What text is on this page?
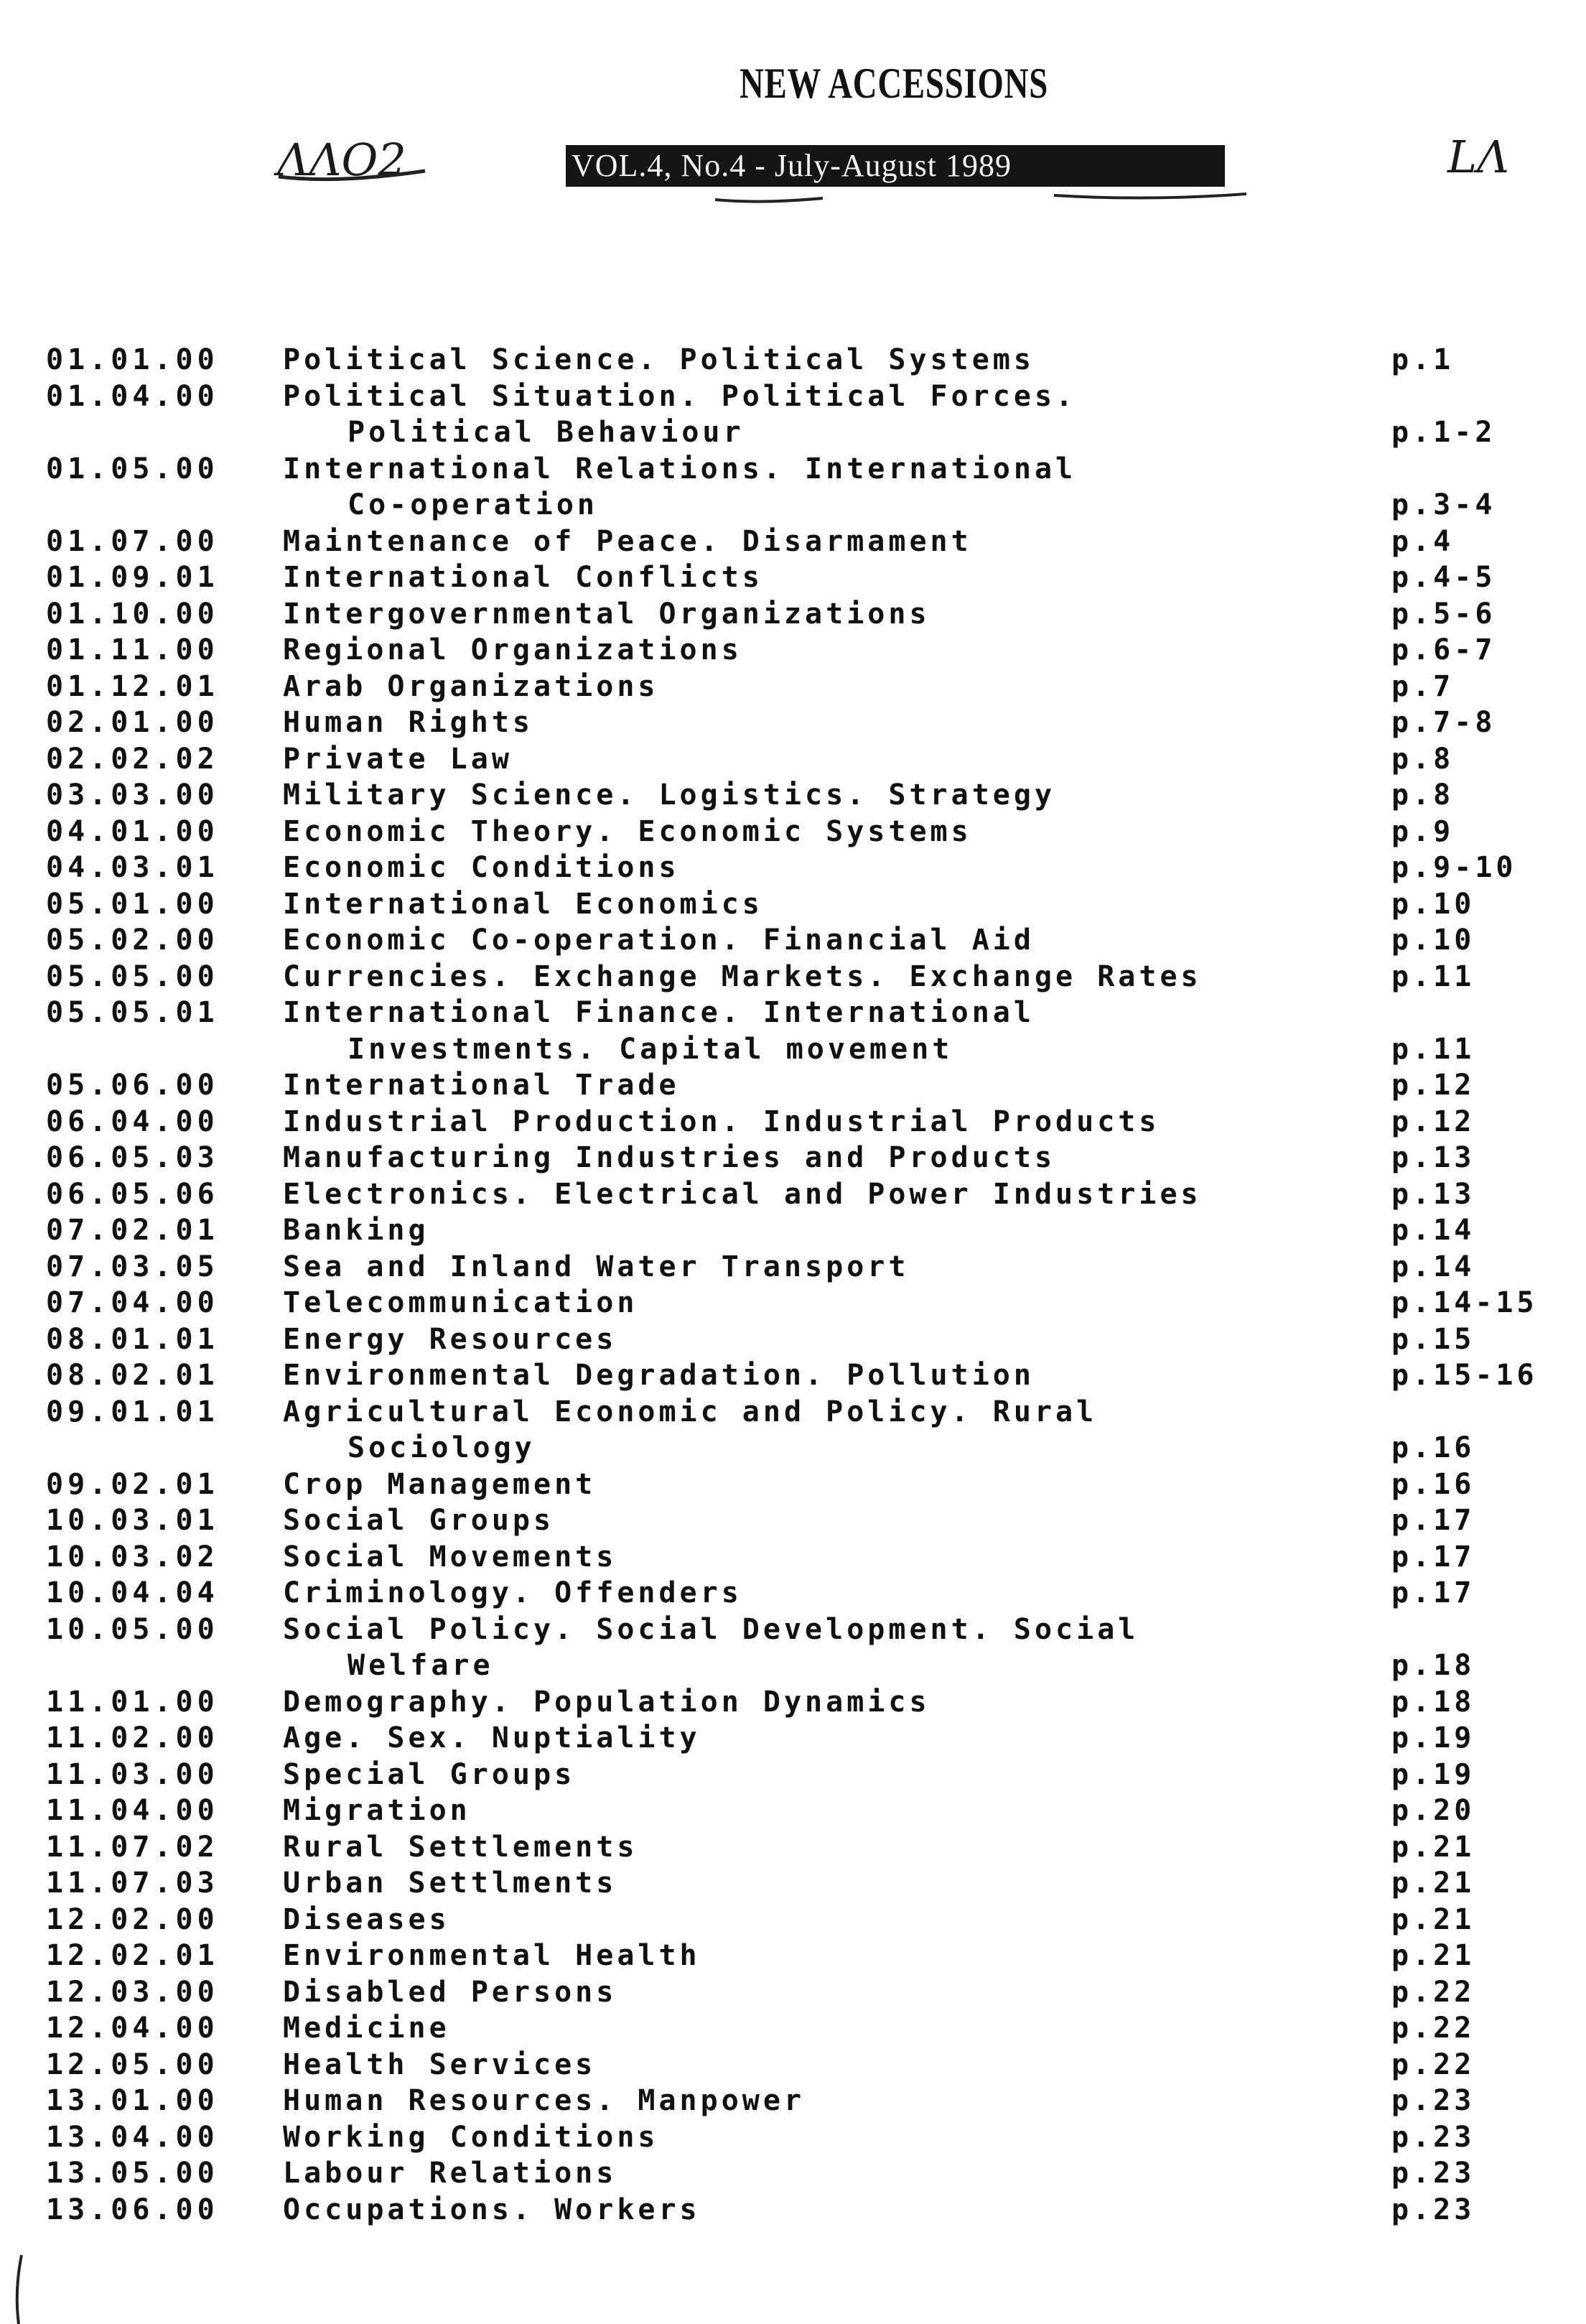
NEW ACCESSIONS
ΛΛΟ2	VOL.4, No.4 - July-August 1989	LΛ
01.01.00 Political Science. Political Systems	p.1
01.04.00 Political Situation. Political Forces.
Political Behaviour	p.1-2
01.05.00 International Relations. International
Co-operation	p.3-4
01.07.00 Maintenance of Peace. Disarmament	p.4
01.09.01 International Conflicts	p.4-5
01.10.00 Intergovernmental Organizations	p.5-6
01.11.00 Regional Organizations	p.6-7
01.12.01 Arab Organizations	p.7
02.01.00 Human Rights	p.7-8
02.02.02 Private Law	p.8
03.03.00 Military Science. Logistics. Strategy	p.8
04.01.00 Economic Theory. Economic Systems	p.9
04.03.01 Economic Conditions	p.9-10
05.01.00 International Economics	p.10
05.02.00 Economic Co-operation. Financial Aid	p.10
05.05.00 Currencies. Exchange Markets. Exchange Rates	p.11
05.05.01 International Finance. International
Investments. Capital movement	p.11
05.06.00 International Trade	p.12
06.04.00 Industrial Production. Industrial Products	p.12
06.05.03 Manufacturing Industries and Products	p.13
06.05.06 Electronics. Electrical and Power Industries	p.13
07.02.01 Banking	p.14
07.03.05 Sea and Inland Water Transport	p.14
07.04.00 Telecommunication	p.14-15
08.01.01 Energy Resources	p.15
08.02.01 Environmental Degradation. Pollution	p.15-16
09.01.01 Agricultural Economic and Policy. Rural
Sociology	p.16
09.02.01 Crop Management	p.16
10.03.01 Social Groups	p.17
10.03.02 Social Movements	p.17
10.04.04 Criminology. Offenders	p.17
10.05.00 Social Policy. Social Development. Social
Welfare	p.18
11.01.00 Demography. Population Dynamics	p.18
11.02.00 Age. Sex. Nuptiality	p.19
11.03.00 Special Groups	p.19
11.04.00 Migration	p.20
11.07.02 Rural Settlements	p.21
11.07.03 Urban Settlments	p.21
12.02.00 Diseases	p.21
12.02.01 Environmental Health	p.21
12.03.00 Disabled Persons	p.22
12.04.00 Medicine	p.22
12.05.00 Health Services	p.22
13.01.00 Human Resources. Manpower	p.23
13.04.00 Working Conditions	p.23
13.05.00 Labour Relations	p.23
13.06.00 Occupations. Workers	p.23
